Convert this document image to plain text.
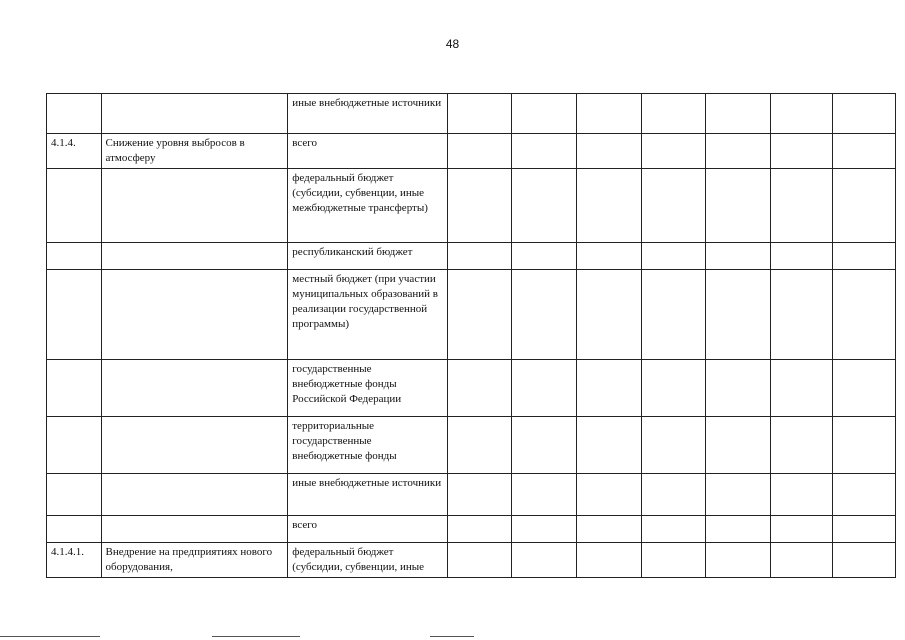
48
		иные внебюджетные источники							
4.1.4.	Снижение уровня выбросов в атмосферу	всего							
		федеральный бюджет (субсидии, субвенции, иные межбюджетные трансферты)							
		республиканский бюджет							
		местный бюджет (при участии муниципальных образований в реализации государственной программы)							
		государственные внебюджетные фонды Российской Федерации							
		территориальные государственные внебюджетные фонды							
		иные внебюджетные источники							
		всего							
4.1.4.1.	Внедрение на предприятиях нового оборудования,	федеральный бюджет (субсидии, субвенции, иные							
